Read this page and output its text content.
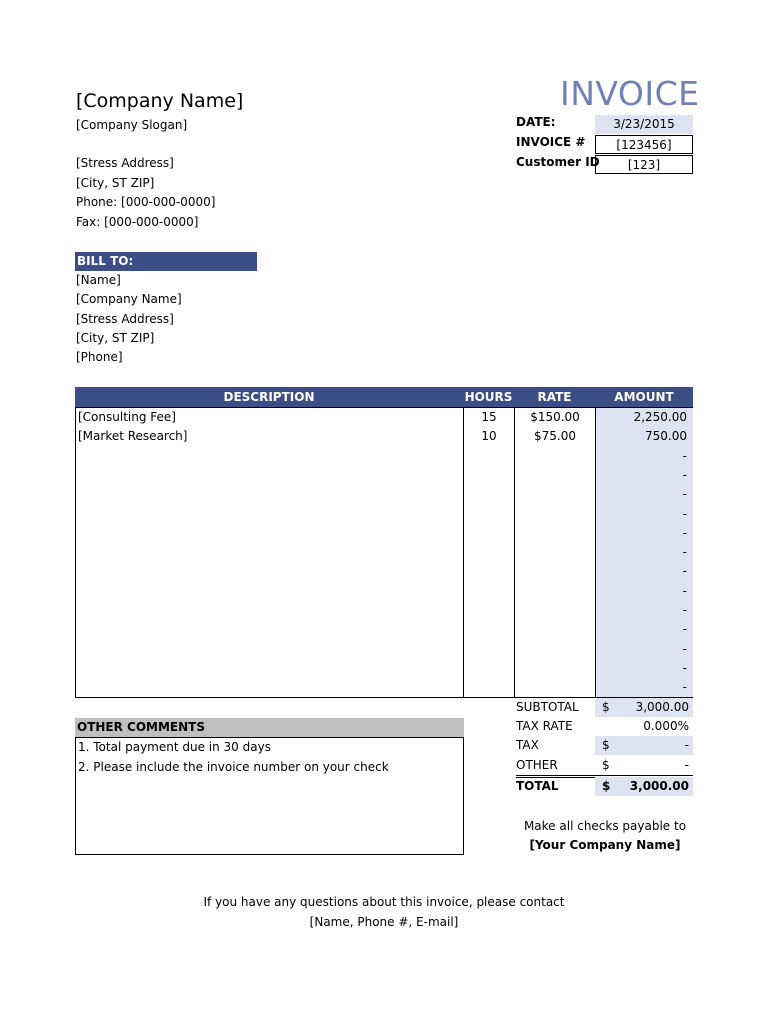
[Company Name]
[Company Slogan]
[Stress Address]
[City, ST ZIP]
Phone: [000-000-0000]
Fax: [000-000-0000]
INVOICE
DATE:	3/23/2015
INVOICE #	[123456]
Customer ID	[123]
BILL TO:
[Name]
[Company Name]
[Stress Address]
[City, ST ZIP]
[Phone]
DESCRIPTION	HOURS	RATE	AMOUNT
[Consulting Fee]	15	$150.00	2,250.00
[Market Research]	10	$75.00	750.00
-
-
-
-
-
-
-
-
-
-
-
-
-
OTHER COMMENTS
1. Total payment due in 30 days
2. Please include the invoice number on your check
SUBTOTAL $ 3,000.00
TAX RATE	0.000%
TAX	$	-
OTHER	$	-
TOTAL	$ 3,000.00
Make all checks payable to
[Your Company Name]
If you have any questions about this invoice, please contact
[Name, Phone #, E-mail]
